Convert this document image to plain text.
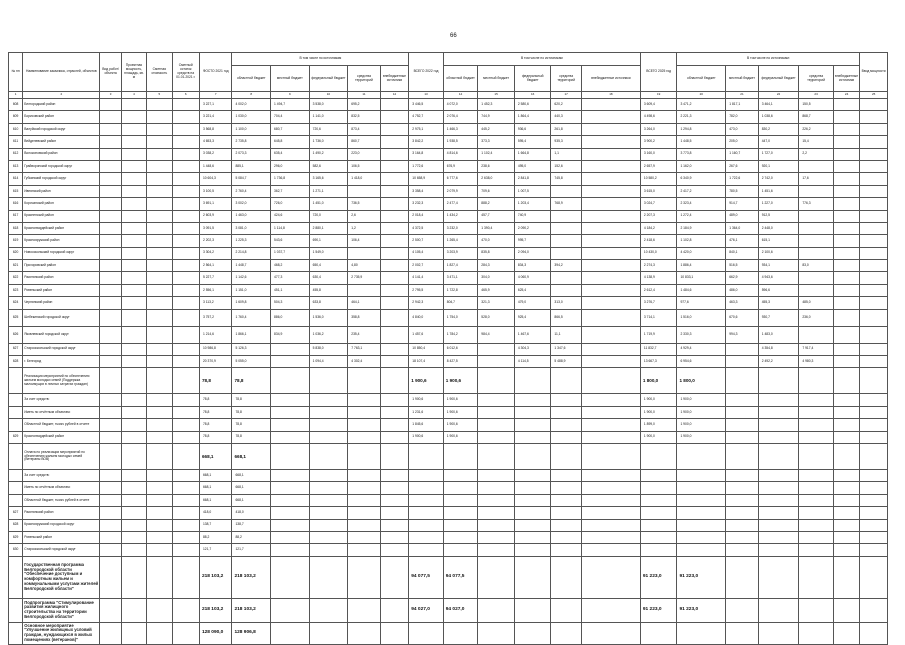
66
№ пп	Наименование заказчика, отраслей, объектов	Вид работ/объекта	Проектная мощность, площадь, кв. м	Сметная стоимость	Сметный остаток средств на 01.01.2021 г.	ФОСТО 2021 год	В том числе по источникам					ВСЕГО 2022 год	В том числе по источникам					ВСЕГО 2025 год	В том числе по источникам:					Ввод мощности
							областной бюджет	местный бюджет	федеральный бюджет	средства территорий	внебюджетные источники		областной бюджет	местный бюджет	федеральный бюджет	средства территорий	внебюджетные источники		областной бюджет	местный бюджет	федеральный бюджет	средства территорий	внебюджетные источники	
1	2	3	4	5	6	7	8	9	10	11	12	13	14	15	16	17	18	19	20	21	22	23	24	25
608	Белгородский район					3 227,1	4 002,0	1 494,7	3 538,0	695,2		3 446,5	4 072,0	1 452,3	2 580,6	620,2		3 609,4	3 471,2	1 817,1	3 464,1	150,5		
609	Борисовский район					3 221,4	1 030,0	704,4	1 141,0	832,5		4 752,7	2 076,4	744,9	1 864,4	440,3		4 498,6	2 221,3	782,0	1 038,6	868,7		
610	Валуйский городской округ					3 568,8	1 100,0	680,7	720,6	873,4		2 975,1	1 466,3	445,2	936,6	261,8		3 264,0	1 294,8	473,0	830,2	226,2		
611	Вейделевский район					4 653,3	2 735,8	645,8	1 736,0	860,7		3 842,2	1 938,5	373,3	595,4	935,3		3 900,2	1 448,5	205,0	447,0	15,4		
612	Волоконовский район					3 038,2	2 073,3	635,4	1 490,2	223,0		3 164,8	4 814,6	1 102,4	1 664,8	1,1		3 160,0	3 773,8	1 160,7	1 727,0	2,2		
613	Грайворонский городской округ					1 448,6	885,1	296,0	582,6	106,5		1 772,6	676,9	238,6	495,0	152,6		2 657,9	1 162,0	267,6	920,1			
614	Губкинский городской округ					10 604,3	5 084,7	1 736,8	3 165,6	1 418,0		10 658,9	6 777,6	2 638,0	2 841,8	745,8		10 580,2	6 340,9	1 722,6	2 742,0	17,6		
615	Ивнянский район					3 100,5	2 760,4	362,7	1 271,1			3 358,4	2 079,9	709,6	1 007,5			3 615,0	2 417,2	780,5	1 451,6			
616	Корочанский район					3 691,1	3 002,0	726,0	1 451,0	736,5		3 232,3	2 477,4	888,2	1 203,4	768,9		3 024,7	2 323,4	914,7	1 227,0	776,3		
617	Красненский район					2 603,9	1 463,0	424,6	720,0	2,6		2 018,4	1 434,2	457,7	740,9			2 207,3	1 272,4	489,0	912,5			
618	Красногвардейский район					3 091,5	3 081,0	1 114,8	2 880,1	1,2		4 372,5	3 232,0	1 390,4	2 090,2			4 184,2	2 184,9	1 364,0	2 448,0			
619	Краснояружский район					2 202,3	1 225,3	543,6	690,1	106,4		2 500,7	1 265,4	470,0	995,7			2 418,6	1 102,8	476,1	615,1			
620	Новооскольский городской округ					3 304,2	2 214,8	1 037,7	1 549,0			4 105,4	3 203,9	835,8	2 094,0			10 430,0	4 420,0	840,1	2 100,6			
621	Прохоровский район					2 564,1	1 448,7	468,2	650,4	4,80		2 002,7	1 827,4	284,3	834,3	394,2		2 274,3	1 886,4	516,5	934,1	83,0		
622	Ракитянский район					5 227,7	1 142,6	477,3	630,4	2 735,9		4 141,4	3 471,1	304,0	4 060,9			4 138,9	10 833,1	662,9	4 943,6			
623	Ровеньский район					2 556,1	1 151,0	451,1	455,8			2 795,5	1 722,8	465,9	625,4			2 612,4	1 484,6	486,0	596,6			
624	Чернянский район					3 113,2	1 609,8	504,3	633,8	464,1		2 942,3	804,7	321,3	479,0	313,0		3 276,7	977,6	463,3	455,3	485,0		
625	Шебекинский городской округ					3 757,2	1 760,4	886,0	1 536,0	358,8		4 840,0	1 754,0	528,0	925,4	866,5		3 714,1	1 516,0	670,6	930,7	236,0		
626	Яковлевский городской округ					1 214,6	1 866,1	834,9	1 036,2	235,4		1 457,6	1 784,2	984,4	1 467,6	11,1		1 719,9	2 330,3	994,3	1 483,0			
627	Старооскольский городской округ					10 986,8	5 126,3		5 838,0	7 763,1		10 850,4	6 012,6		4 304,3	1 347,6		11 832,7	4 929,4		4 354,8	7 917,4		
628	г. Белгород					20 370,9	5 055,0		1 094,4	4 302,4		18 107,4	8 427,5		4 114,5	5 488,9		13 667,3	6 954,6		2 492,2	4 980,3		
	Реализация мероприятий по обеспечению жильем молодых семей (Поддержка малоимущих в личных затратах граждан)					78,8	78,8					1 900,6	1 900,6					1 800,0	1 800,0					
	За счет средств:					78,8	78,8					1 900,6	1 900,6					1 900,0	1 900,0					
	Иметь по отчётным объектам:					78,8	78,8					1 231,6	1 900,6					1 900,0	1 900,0					
	Областной бюджет, тысяч рублей в отчете					78,8	78,8					1 845,6	1 900,6					1 899,0	1 900,0					
629	Красногвардейский район					78,8	78,8					1 900,6	1 900,6					1 900,0	1 900,0					
	Оплата по реализации мероприятий по обеспечению жильем молодых семей (Ветераны ВОВ)					668,1	668,1																	
	За счет средств:					668,1	668,1																	
	Иметь по отчётным объектам:					668,1	668,1																	
	Областной бюджет, тысяч рублей в отчете					668,1	668,1																	
627	Ракитянский район					418,0	418,0																	
628	Краснояружский городской округ					138,7	138,7																	
629	Ровеньский район					88,2	88,2																	
630	Старооскольский городской округ					121,7	121,7																	
	Государственная программа Белгородской области "Обеспечение доступным и комфортным жильем и коммунальными услугами жителей Белгородской области"					218 103,2	218 103,2					94 077,5	94 077,5					91 223,0	91 223,0					
	Подпрограмма "Стимулирование развития жилищного строительства на территории Белгородской области"					218 103,2	218 103,2					94 027,0	94 027,0					91 223,0	91 223,0					
	Основное мероприятие "Улучшение жилищных условий граждан, нуждающихся в жилых помещениях (ветеранов)"					128 090,0	128 906,8																	
